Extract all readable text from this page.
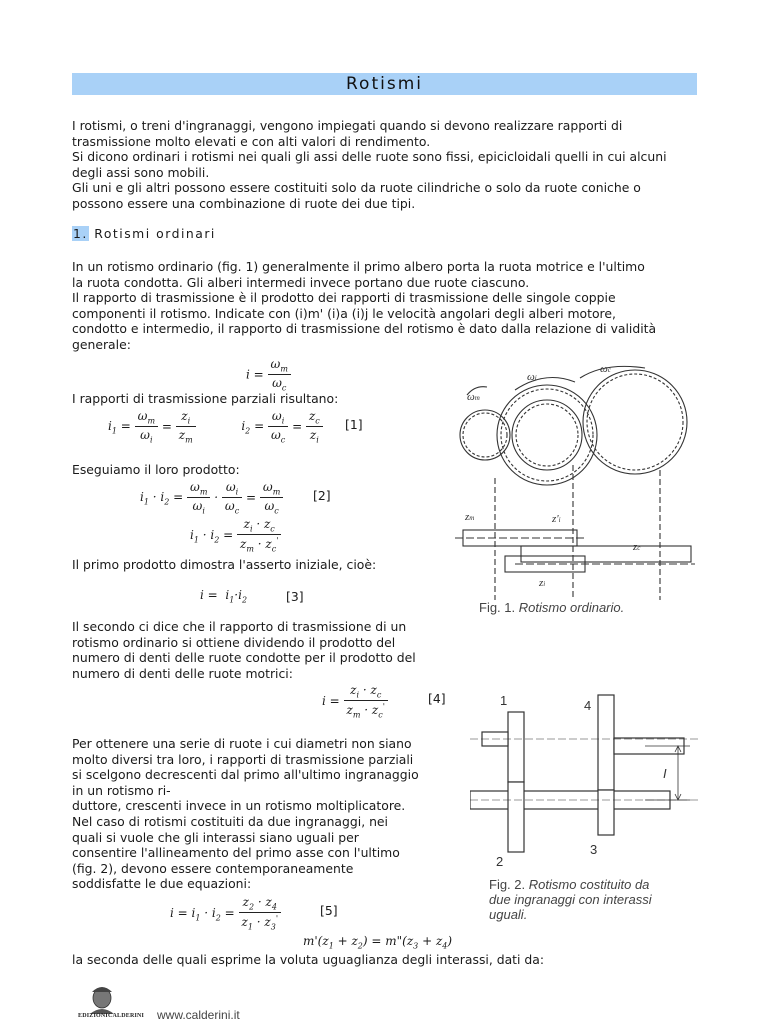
Rotismi
I rotismi, o treni d'ingranaggi, vengono impiegati quando si devono realizzare rapporti di
trasmissione molto elevati e con alti valori di rendimento.
Si dicono ordinari i rotismi nei quali gli assi delle ruote sono fissi, epicicloidali quelli in cui alcuni
degli assi sono mobili.
Gli uni e gli altri possono essere costituiti solo da ruote cilindriche o solo da ruote coniche o
possono essere una combinazione di ruote dei due tipi.
1. Rotismi ordinari
In un rotismo ordinario (fig. 1) generalmente il primo albero porta la ruota motrice e l'ultimo
la ruota condotta. Gli alberi intermedi invece portano due ruote ciascuno.
Il rapporto di trasmissione è il prodotto dei rapporti di trasmissione delle singole coppie
componenti il rotismo. Indicate con (i)m' (i)a (i)j le velocità angolari degli alberi motore,
condotto e intermedio, il rapporto di trasmissione del rotismo è dato dalla relazione di validità
generale:
$i = \frac{\omega_m}{\omega_c}$
I rapporti di trasmissione parziali risultano:
$i_1 = \frac{\omega_m}{\omega_i} = \frac{z_i}{z_m}$	$i_2 = \frac{\omega_i}{\omega_c} = \frac{z_c}{z_i} [1]$
Eseguiamo il loro prodotto:
$i_1 \cdot i_2 = \frac{\omega_m}{\omega_i} \cdot \frac{\omega_i}{\omega_c} = \frac{\omega_m}{\omega_c} [2]$
$i_1 \cdot i_2 = \frac{z_i \cdot z_c}{z_m \cdot z_c'}$
Il primo prodotto dimostra l'asserto iniziale, cioè:
$i = i_1\cdot i_2$	[3]
Il secondo ci dice che il rapporto di trasmissione di un
rotismo ordinario si ottiene dividendo il prodotto del
numero di denti delle ruote condotte per il prodotto del
numero di denti delle ruote motrici:
$i = \frac{z_i \cdot z_c}{z_m \cdot z_c'}$	[4]
Per ottenere una serie di ruote i cui diametri non siano
molto diversi tra loro, i rapporti di trasmissione parziali
si scelgono decrescenti dal primo all'ultimo ingranaggio
in un rotismo ri-
duttore, crescenti invece in un rotismo moltiplicatore.
Nel caso di rotismi costituiti da due ingranaggi, nei
quali si vuole che gli interassi siano uguali per
consentire l'allineamento del primo asse con l'ultimo
(fig. 2), devono essere contemporaneamente
soddisfatte le due equazioni:
$i = i_1 \cdot i_2 = \frac{z_2 \cdot z_4}{z_1 \cdot z_3'}$	[5]
$m'(z_1 + z_2)$ = $m"(z_3 + z_4)$
la seconda delle quali esprime la voluta uguaglianza degli interassi, dati da:
ωm
ωi
ωc
zm	z'i
zc
zi
Fig. 1. Rotismo ordinario.
1	4
2
3
I
Fig. 2. Rotismo costituito da
due ingranaggi con interassi
uguali.
EDIZIONICALDERINI www.calderini.it
